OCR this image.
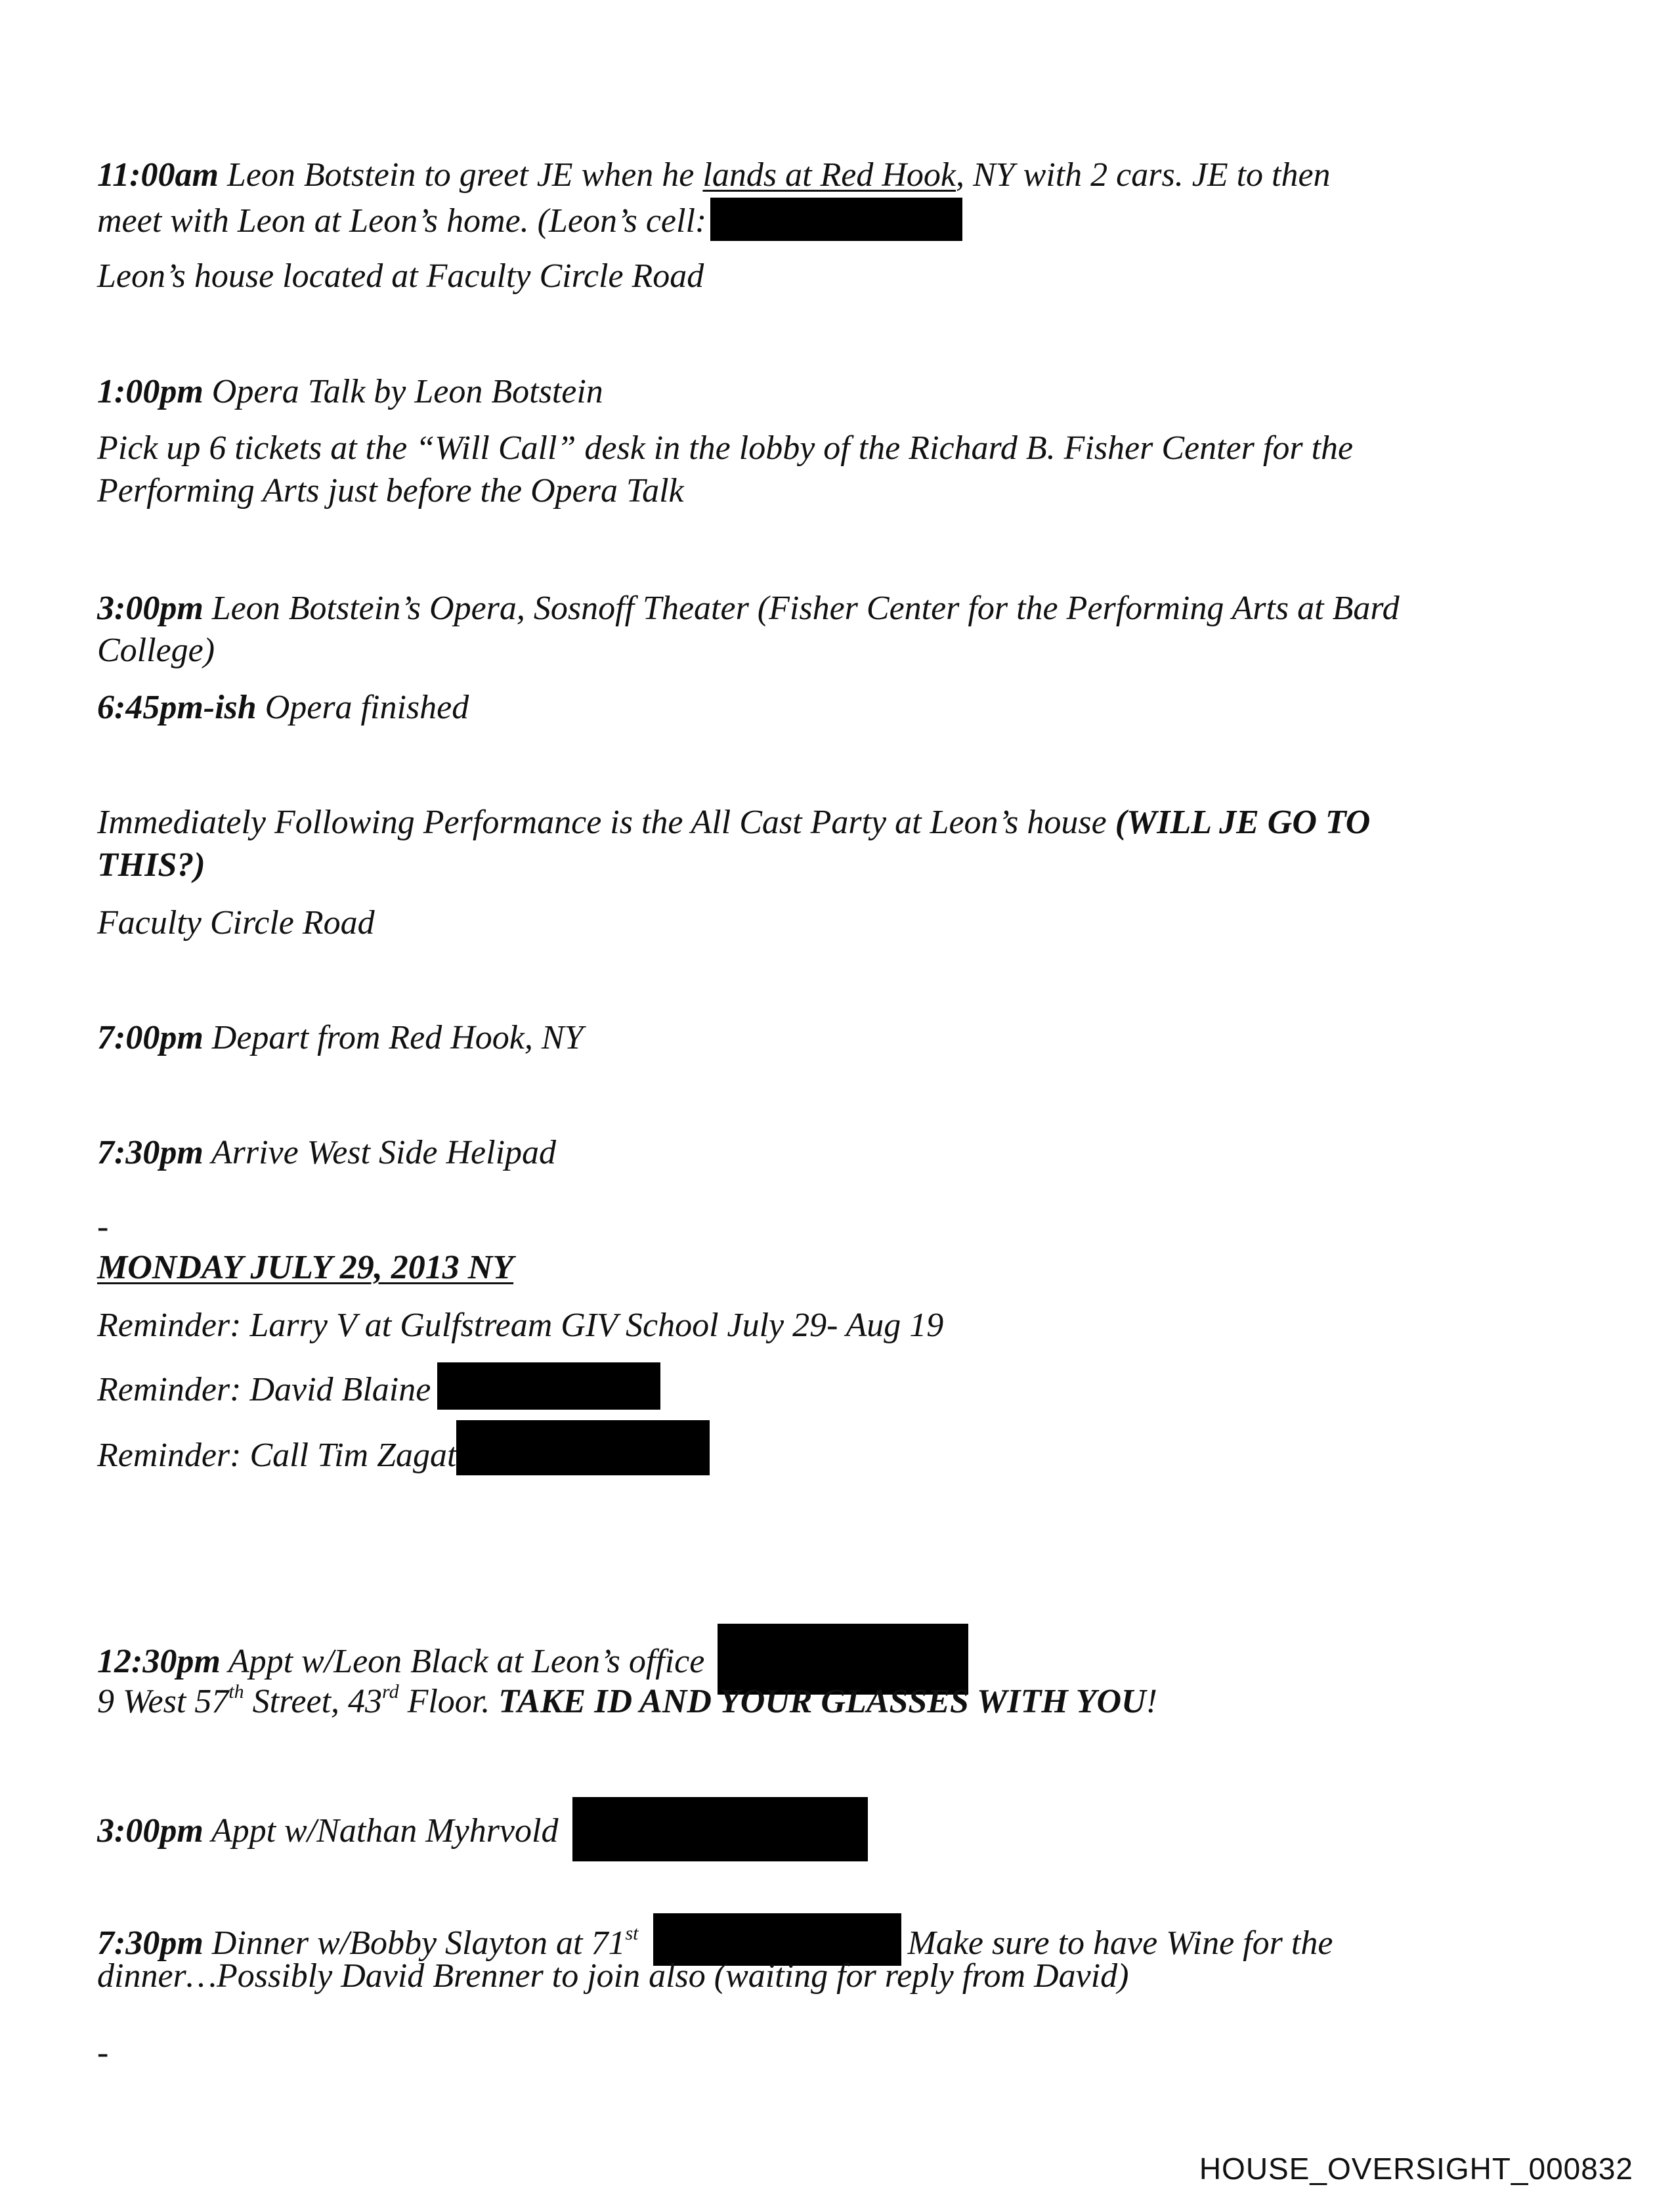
11:00am Leon Botstein to greet JE when he lands at Red Hook, NY with 2 cars. JE to then
meet with Leon at Leon’s home. (Leon’s cell:
Leon’s house located at Faculty Circle Road
1:00pm Opera Talk by Leon Botstein
Pick up 6 tickets at the “Will Call” desk in the lobby of the Richard B. Fisher Center for the
Performing Arts just before the Opera Talk
3:00pm Leon Botstein’s Opera, Sosnoff Theater (Fisher Center for the Performing Arts at Bard
College)
6:45pm-ish Opera finished
Immediately Following Performance is the All Cast Party at Leon’s house (WILL JE GO TO
THIS?)
Faculty Circle Road
7:00pm Depart from Red Hook, NY
7:30pm Arrive West Side Helipad
-
MONDAY JULY 29, 2013 NY
Reminder: Larry V at Gulfstream GIV School July 29- Aug 19
Reminder: David Blaine
Reminder: Call Tim Zagat
12:30pm Appt w/Leon Black at Leon’s office
9 West 57th Street, 43rd Floor. TAKE ID AND YOUR GLASSES WITH YOU!
3:00pm Appt w/Nathan Myhrvold
7:30pm Dinner w/Bobby Slayton at 71st	Make sure to have Wine for the
dinner…Possibly David Brenner to join also (waiting for reply from David)
-
HOUSE_OVERSIGHT_000832
